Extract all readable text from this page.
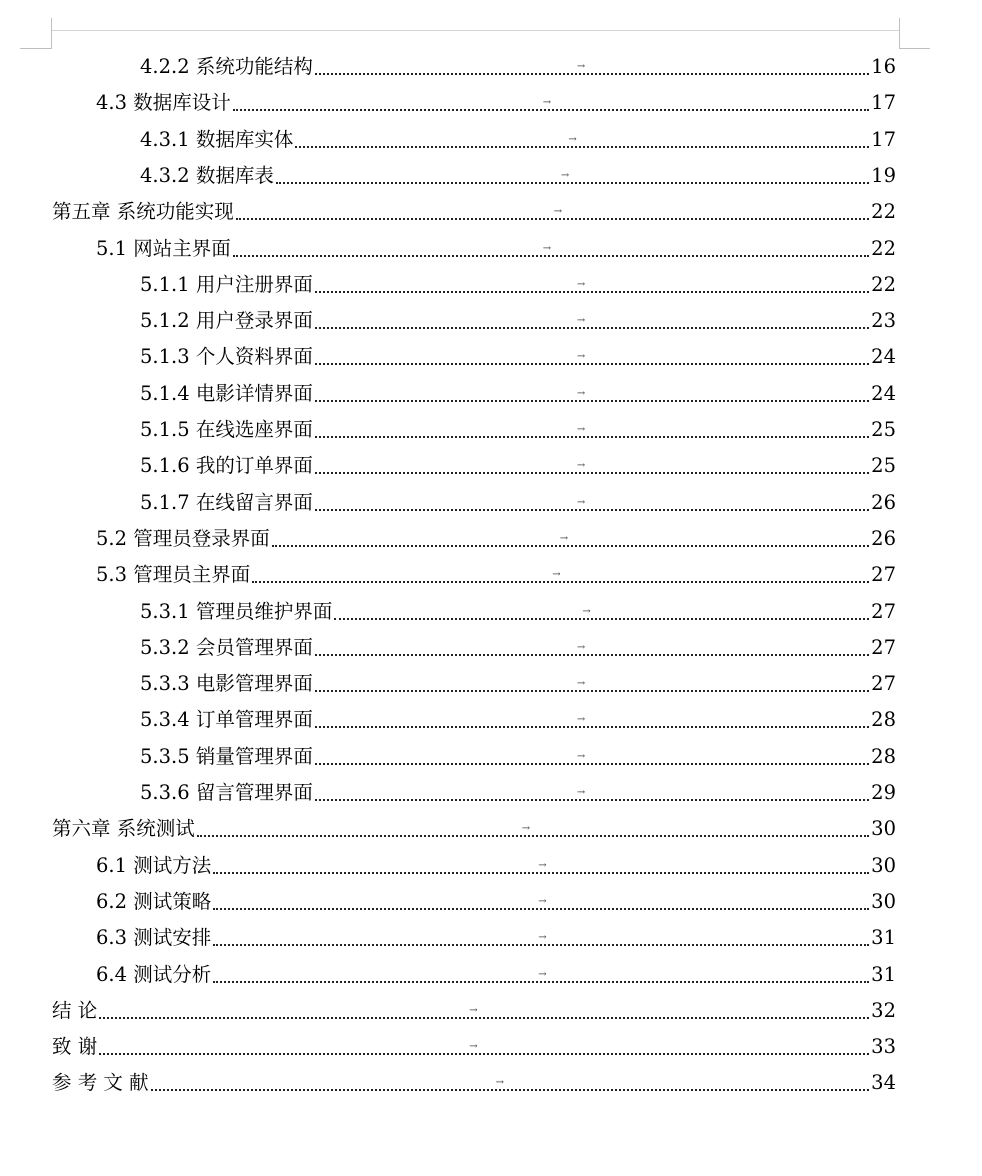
4.2.2 系统功能结构	→	16
4.3 数据库设计	→	17
4.3.1 数据库实体	→	17
4.3.2 数据库表	→	19
第五章 系统功能实现	→	22
5.1 网站主界面	→	22
5.1.1 用户注册界面	→	22
5.1.2 用户登录界面	→	23
5.1.3 个人资料界面	→	24
5.1.4 电影详情界面	→	24
5.1.5 在线选座界面	→	25
5.1.6 我的订单界面	→	25
5.1.7 在线留言界面	→	26
5.2 管理员登录界面	→	26
5.3 管理员主界面	→	27
5.3.1 管理员维护界面	→	27
5.3.2 会员管理界面	→	27
5.3.3 电影管理界面	→	27
5.3.4 订单管理界面	→	28
5.3.5 销量管理界面	→	28
5.3.6 留言管理界面	→	29
第六章 系统测试	→	30
6.1 测试方法	→	30
6.2 测试策略	→	30
6.3 测试安排	→	31
6.4 测试分析	→	31
结 论	→	32
致 谢	→	33
参 考 文 献	→	34
